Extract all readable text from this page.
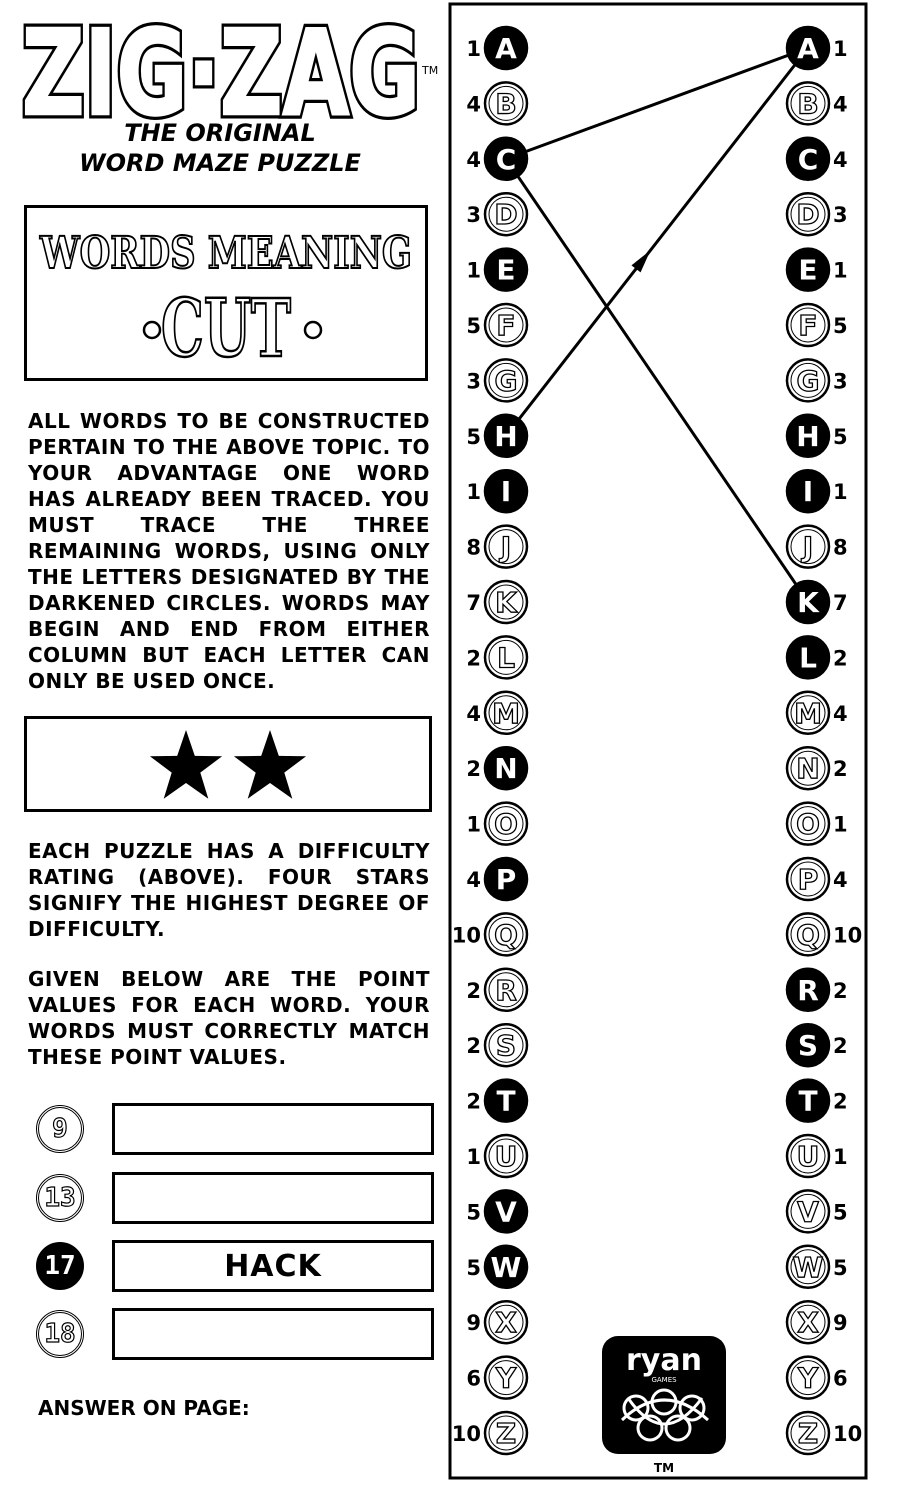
ZIG·ZAG
ZIG·ZAG TM
THE ORIGINAL
WORD MAZE PUZZLE
WORDS MEANING
CUT
ALL WORDS TO BE CONSTRUCTED PERTAIN TO THE ABOVE TOPIC. TO YOUR ADVANTAGE ONE WORD HAS ALREADY BEEN TRACED. YOU MUST TRACE THE THREE REMAINING WORDS, USING ONLY THE LETTERS DESIGNATED BY THE DARKENED CIRCLES. WORDS MAY BEGIN AND END FROM EITHER COLUMN BUT EACH LETTER CAN ONLY BE USED ONCE.
EACH PUZZLE HAS A DIFFICULTY RATING (ABOVE). FOUR STARS SIGNIFY THE HIGHEST DEGREE OF DIFFICULTY.
GIVEN BELOW ARE THE POINT VALUES FOR EACH WORD. YOUR WORDS MUST CORRECTLY MATCH THESE POINT VALUES.
9
13
17	HACK
18
ANSWER ON PAGE:
A
1
B
4
C
4
D
3
E
1
F
5
G
3
H
5
I
1
J
8
K
7
L
2
M
4
N
2
O
1
P
4
Q
10
R
2
S
2
T
2
U
1
V
5
W
5
X
9
Y
6
Z
10
A 1
B 4
C 4
D 3
E 1
F 5
G 3
H 5
I 1
J 8
K 7
L 2
M 4
N 2
O 1
P 4
Q 10
R 2
S 2
T 2
U 1
V 5
W 5
X 9
Y 6
Z 10
ryan
GAMES
TM
